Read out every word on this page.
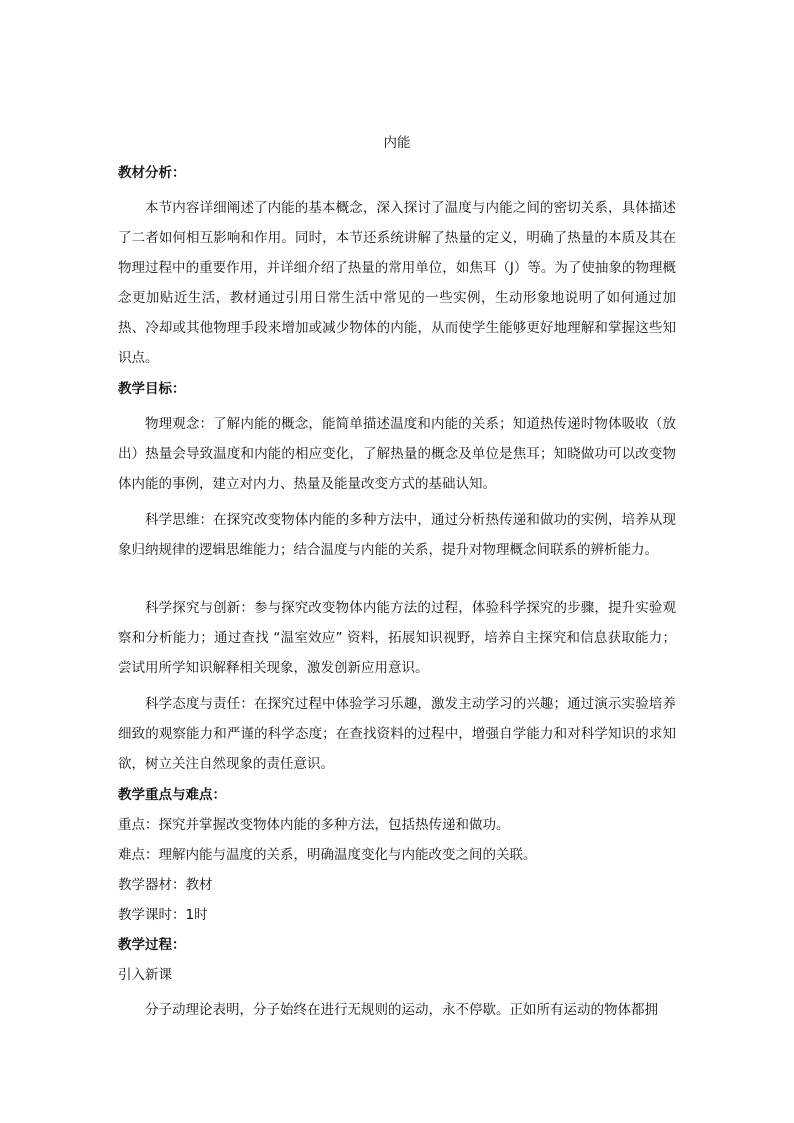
内能

教材分析：

本节内容详细阐述了内能的基本概念，深入探讨了温度与内能之间的密切关系，具体描述了二者如何相互影响和作用。同时，本节还系统讲解了热量的定义，明确了热量的本质及其在物理过程中的重要作用，并详细介绍了热量的常用单位，如焦耳（J）等。为了使抽象的物理概念更加贴近生活，教材通过引用日常生活中常见的一些实例，生动形象地说明了如何通过加热、冷却或其他物理手段来增加或减少物体的内能，从而使学生能够更好地理解和掌握这些知识点。

教学目标：

物理观念：了解内能的概念，能简单描述温度和内能的关系；知道热传递时物体吸收（放出）热量会导致温度和内能的相应变化，了解热量的概念及单位是焦耳；知晓做功可以改变物体内能的事例，建立对内力、热量及能量改变方式的基础认知。

科学思维：在探究改变物体内能的多种方法中，通过分析热传递和做功的实例，培养从现象归纳规律的逻辑思维能力；结合温度与内能的关系，提升对物理概念间联系的辨析能力。

科学探究与创新：参与探究改变物体内能方法的过程，体验科学探究的步骤，提升实验观察和分析能力；通过查找 “温室效应” 资料，拓展知识视野，培养自主探究和信息获取能力；尝试用所学知识解释相关现象，激发创新应用意识。

科学态度与责任：在探究过程中体验学习乐趣，激发主动学习的兴趣；通过演示实验培养细致的观察能力和严谨的科学态度；在查找资料的过程中，增强自学能力和对科学知识的求知欲，树立关注自然现象的责任意识。

教学重点与难点：

重点：探究并掌握改变物体内能的多种方法，包括热传递和做功。

难点：理解内能与温度的关系，明确温度变化与内能改变之间的关联。

教学器材：教材

教学课时：1时

教学过程：

引入新课

分子动理论表明，分子始终在进行无规则的运动，永不停歇。正如所有运动的物体都拥
